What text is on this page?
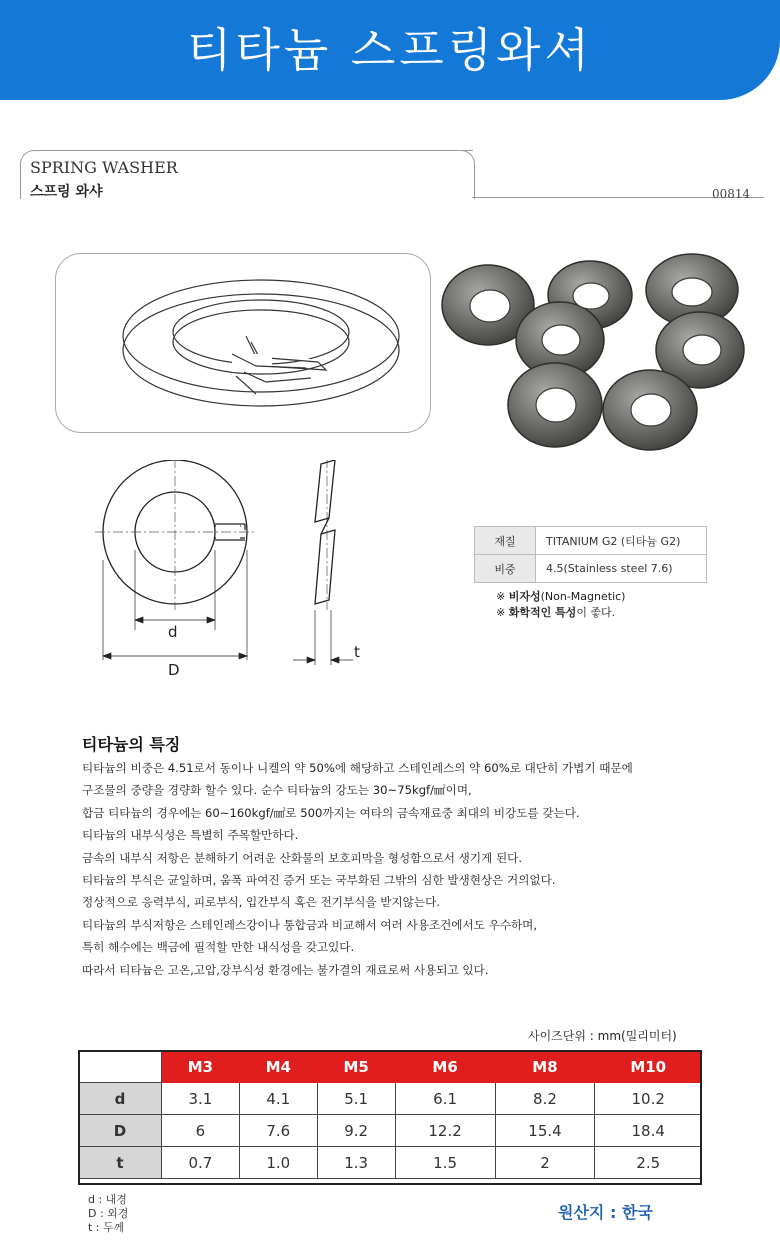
티타늄 스프링와셔
SPRING WASHER
스프링 와샤	00814
d
D
t
재질	TITANIUM G2 (티타늄 G2)
비중	4.5(Stainless steel 7.6)
※ 비자성(Non-Magnetic)
※ 화학적인 특성이 좋다.
티타늄의 특징
티타늄의 비중은 4.51로서 동이나 니켈의 약 50%에 해당하고 스테인레스의 약 60%로 대단히 가볍기 때문에
구조물의 중량을 경량화 할수 있다. 순수 티타늄의 강도는 30~75kgf/㎟이며,
합금 티타늄의 경우에는 60~160kgf/㎟로 500까지는 여타의 금속재료중 최대의 비강도를 갖는다.
티타늄의 내부식성은 특별히 주목할만하다.
금속의 내부식 저항은 분해하기 어려운 산화물의 보호피막을 형성함으로서 생기게 된다.
티타늄의 부식은 균일하며, 움푹 파여진 증거 또는 국부화된 그밖의 심한 발생현상은 거의없다.
정상적으로 응력부식, 피로부식, 입간부식 혹은 전기부식을 받지않는다.
티타늄의 부식저항은 스테인레스강이나 통합금과 비교해서 여러 사용조건에서도 우수하며,
특히 해수에는 백금에 필적할 만한 내식성을 갖고있다.
따라서 티타늄은 고온,고압,강부식성 환경에는 불가결의 재료로써 사용되고 있다.
사이즈단위 : mm(밀리미터)
	M3	M4	M5	M6	M8	M10
d	3.1	4.1	5.1	6.1	8.2	10.2
D	6	7.6	9.2	12.2	15.4	18.4
t	0.7	1.0	1.3	1.5	2	2.5
d : 내경
D : 외경
t : 두께
원산지 : 한국
